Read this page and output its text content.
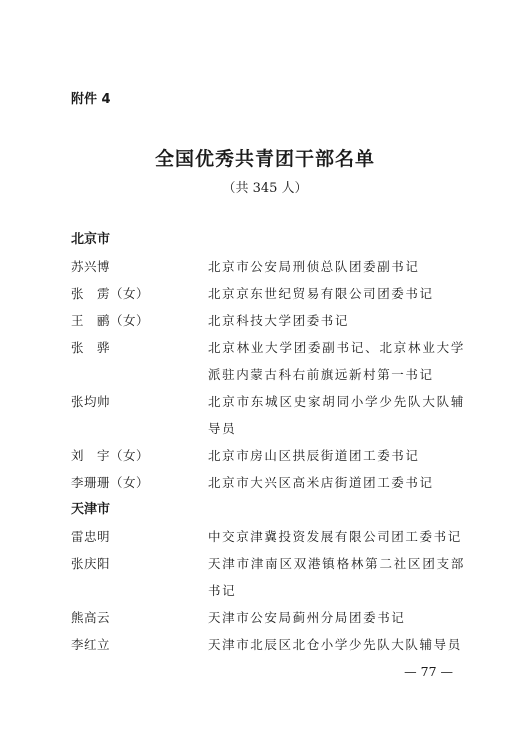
附件 4
全国优秀共青团干部名单
（共 345 人）
北京市
苏兴博	北京市公安局刑侦总队团委副书记
张　雳（女）	北京京东世纪贸易有限公司团委书记
王　鹂（女）	北京科技大学团委书记
张　骅	北京林业大学团委副书记、北京林业大学派驻内蒙古科右前旗远新村第一书记
张均帅	北京市东城区史家胡同小学少先队大队辅导员
刘　宇（女）	北京市房山区拱辰街道团工委书记
李珊珊（女）	北京市大兴区高米店街道团工委书记
天津市
雷忠明	中交京津冀投资发展有限公司团工委书记
张庆阳	天津市津南区双港镇格林第二社区团支部书记
熊高云	天津市公安局蓟州分局团委书记
李红立	天津市北辰区北仓小学少先队大队辅导员
— 77 —
